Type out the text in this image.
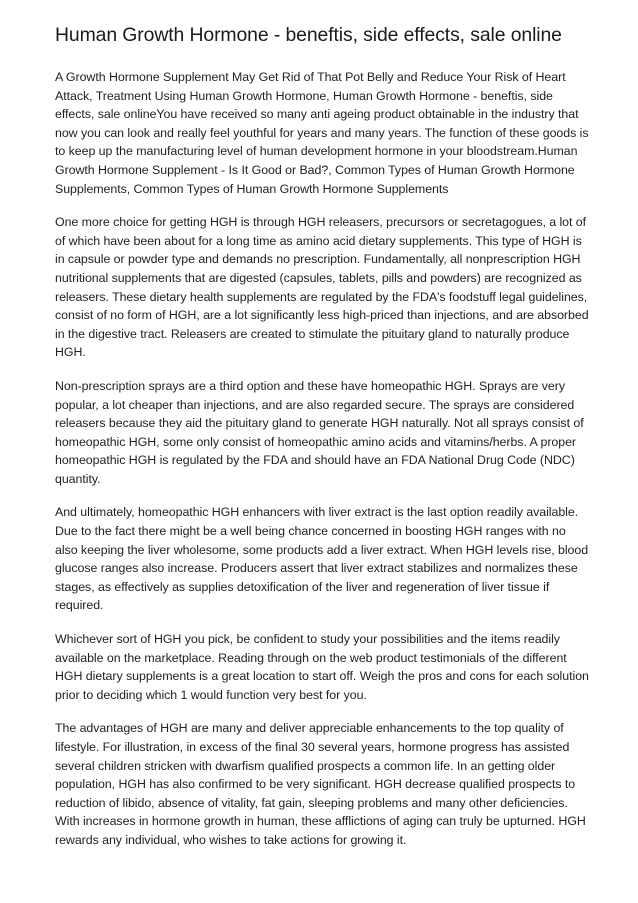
Human Growth Hormone - beneftis, side effects, sale online

A Growth Hormone Supplement May Get Rid of That Pot Belly and Reduce Your Risk of Heart Attack, Treatment Using Human Growth Hormone, Human Growth Hormone - beneftis, side effects, sale onlineYou have received so many anti ageing product obtainable in the industry that now you can look and really feel youthful for years and many years. The function of these goods is to keep up the manufacturing level of human development hormone in your bloodstream.Human Growth Hormone Supplement - Is It Good or Bad?, Common Types of Human Growth Hormone Supplements, Common Types of Human Growth Hormone Supplements

One more choice for getting HGH is through HGH releasers, precursors or secretagogues, a lot of of which have been about for a long time as amino acid dietary supplements. This type of HGH is in capsule or powder type and demands no prescription. Fundamentally, all nonprescription HGH nutritional supplements that are digested (capsules, tablets, pills and powders) are recognized as releasers. These dietary health supplements are regulated by the FDA's foodstuff legal guidelines, consist of no form of HGH, are a lot significantly less high-priced than injections, and are absorbed in the digestive tract. Releasers are created to stimulate the pituitary gland to naturally produce HGH.

Non-prescription sprays are a third option and these have homeopathic HGH. Sprays are very popular, a lot cheaper than injections, and are also regarded secure. The sprays are considered releasers because they aid the pituitary gland to generate HGH naturally. Not all sprays consist of homeopathic HGH, some only consist of homeopathic amino acids and vitamins/herbs. A proper homeopathic HGH is regulated by the FDA and should have an FDA National Drug Code (NDC) quantity.

And ultimately, homeopathic HGH enhancers with liver extract is the last option readily available. Due to the fact there might be a well being chance concerned in boosting HGH ranges with no also keeping the liver wholesome, some products add a liver extract. When HGH levels rise, blood glucose ranges also increase. Producers assert that liver extract stabilizes and normalizes these stages, as effectively as supplies detoxification of the liver and regeneration of liver tissue if required.

Whichever sort of HGH you pick, be confident to study your possibilities and the items readily available on the marketplace. Reading through on the web product testimonials of the different HGH dietary supplements is a great location to start off. Weigh the pros and cons for each solution prior to deciding which 1 would function very best for you.

The advantages of HGH are many and deliver appreciable enhancements to the top quality of lifestyle. For illustration, in excess of the final 30 several years, hormone progress has assisted several children stricken with dwarfism qualified prospects a common life. In an getting older population, HGH has also confirmed to be very significant. HGH decrease qualified prospects to reduction of libido, absence of vitality, fat gain, sleeping problems and many other deficiencies. With increases in hormone growth in human, these afflictions of aging can truly be upturned. HGH rewards any individual, who wishes to take actions for growing it.
